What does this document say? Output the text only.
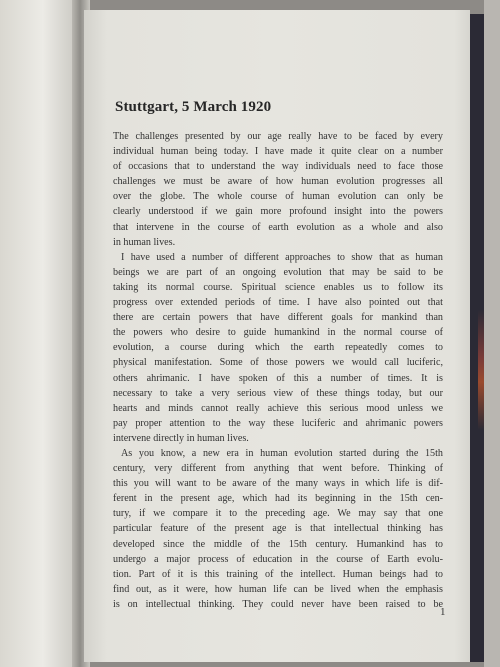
Stuttgart, 5 March 1920
The challenges presented by our age really have to be faced by every
individual human being today. I have made it quite clear on a number
of occasions that to understand the way individuals need to face those
challenges we must be aware of how human evolution progresses all
over the globe. The whole course of human evolution can only be
clearly understood if we gain more profound insight into the powers
that intervene in the course of earth evolution as a whole and also
in human lives.
I have used a number of different approaches to show that as human
beings we are part of an ongoing evolution that may be said to be
taking its normal course. Spiritual science enables us to follow its
progress over extended periods of time. I have also pointed out that
there are certain powers that have different goals for mankind than
the powers who desire to guide humankind in the normal course of
evolution, a course during which the earth repeatedly comes to
physical manifestation. Some of those powers we would call luciferic,
others ahrimanic. I have spoken of this a number of times. It is
necessary to take a very serious view of these things today, but our
hearts and minds cannot really achieve this serious mood unless we
pay proper attention to the way these luciferic and ahrimanic powers
intervene directly in human lives.
As you know, a new era in human evolution started during the 15th
century, very different from anything that went before. Thinking of
this you will want to be aware of the many ways in which life is dif-
ferent in the present age, which had its beginning in the 15th cen-
tury, if we compare it to the preceding age. We may say that one
particular feature of the present age is that intellectual thinking has
developed since the middle of the 15th century. Humankind has to
undergo a major process of education in the course of Earth evolu-
tion. Part of it is this training of the intellect. Human beings had to
find out, as it were, how human life can be lived when the emphasis
is on intellectual thinking. They could never have been raised to be
1
